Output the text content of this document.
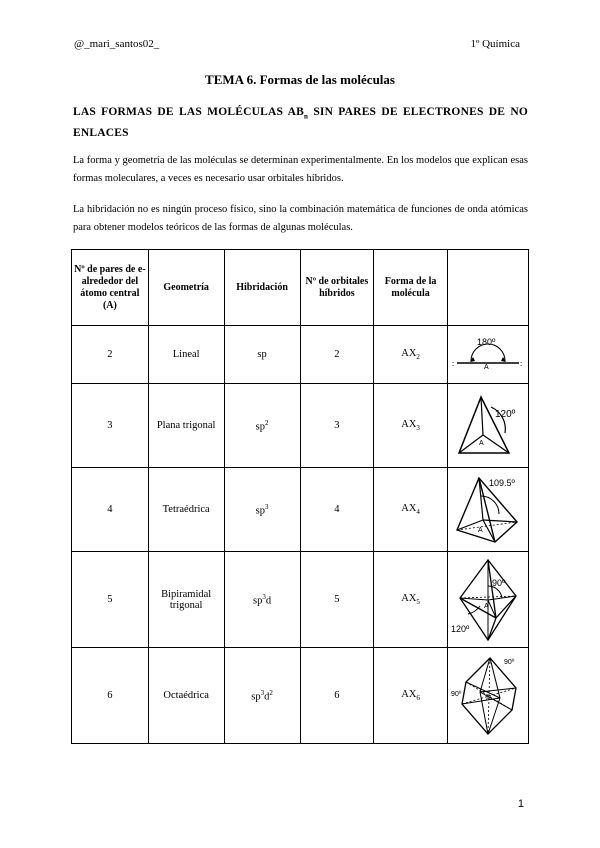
@_mari_santos02_	1º Química
TEMA 6. Formas de las moléculas
LAS FORMAS DE LAS MOLÉCULAS $AB_n$ SIN PARES DE ELECTRONES DE NO ENLACES
La forma y geometría de las moléculas se determinan experimentalmente. En los modelos que explican esas formas moleculares, a veces es necesario usar orbitales híbridos.
La hibridación no es ningún proceso físico, sino la combinación matemática de funciones de onda atómicas para obtener modelos teóricos de las formas de algunas moléculas.
Nº de pares de e- alrededor del átomo central (A)	Geometría	Hibridación	Nº de orbitales híbridos	Forma de la molécula	
2	Lineal	sp	2	$AX_2$	180º
A
: :

3	Plana trigonal	$sp^2$	3	$AX_3$	120º
A

4	Tetraédrica	$sp^3$	4	$AX_4$	109.5º
A

5	Bipiramidal trigonal	$sp^3d$	5	$AX_5$	90º
120º
A

6	Octaédrica	$sp^3d^2$	6	$AX_6$	90º
90º
A
1
